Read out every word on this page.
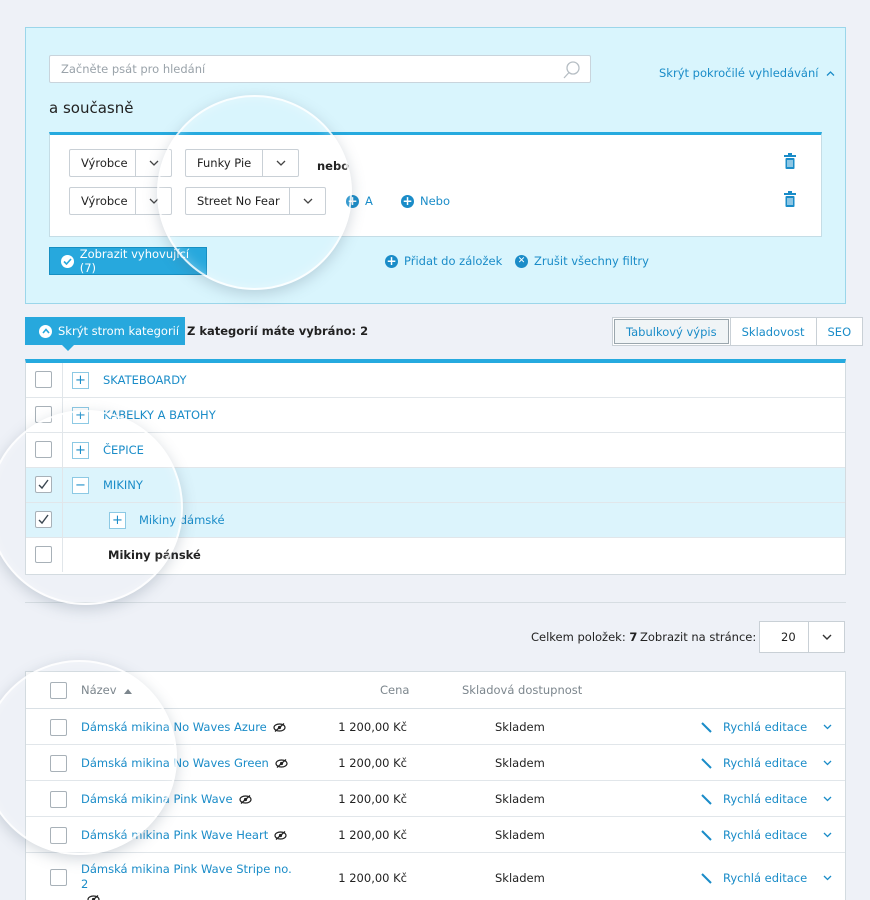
Začněte psát pro hledání
Skrýt pokročilé vyhledávání
a současně
Výrobce	Funky Pie	nebo
Výrobce	Street No Fear	+ A + Nebo
Zobrazit vyhovující (7)	+ Přidat do záložek	✕ Zrušit všechny filtry
Skrýt strom kategorií Z kategorií máte vybráno: 2	Tabulkový výpis	Skladovost	SEO
+ SKATEBOARDY
+ KABELKY A BATOHY
+ ČEPICE
− MIKINY
+ Mikiny dámské
Mikiny pánské
Celkem položek: 7 Zobrazit na stránce: 20
Název	Cena	Skladová dostupnost
Dámská mikina No Waves Azure	1 200,00 Kč	Skladem	Rychlá editace
Dámská mikina No Waves Green	1 200,00 Kč	Skladem	Rychlá editace
Dámská mikina Pink Wave	1 200,00 Kč	Skladem	Rychlá editace
Dámská mikina Pink Wave Heart	1 200,00 Kč	Skladem	Rychlá editace
Dámská mikina Pink Wave Stripe no. 2	1 200,00 Kč	Skladem	Rychlá editace
